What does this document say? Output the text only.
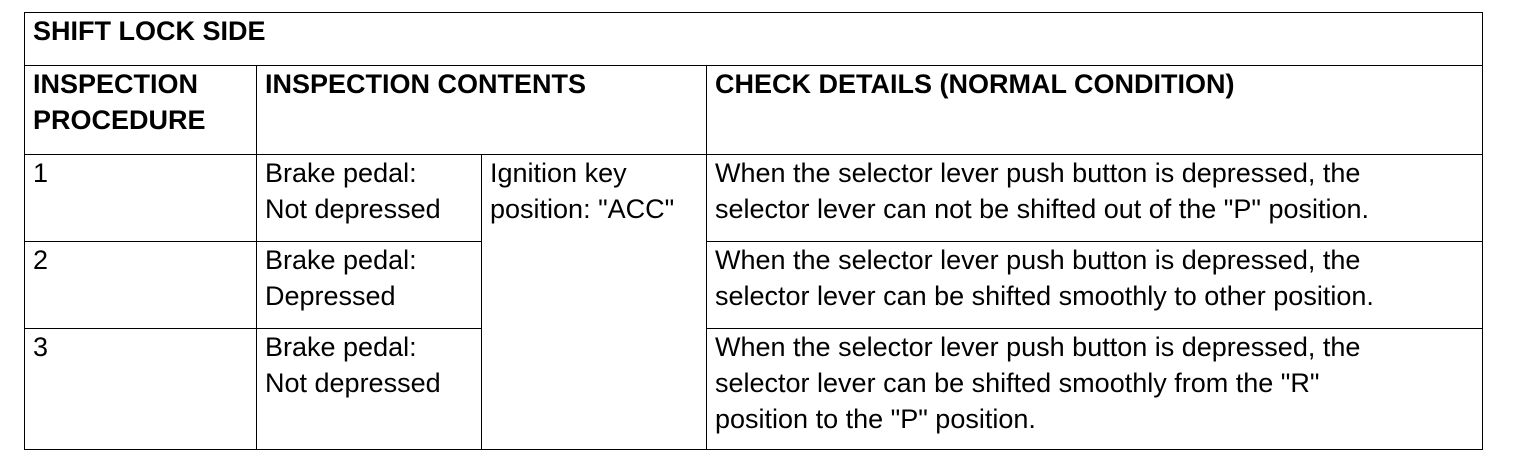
SHIFT LOCK SIDE			

INSPECTION
PROCEDURE	INSPECTION CONTENTS		CHECK DETAILS (NORMAL CONDITION)
1	Brake pedal:
Not depressed	Ignition key
position: "ACC"	When the selector lever push button is depressed, the
selector lever can not be shifted out of the "P" position.

2	Brake pedal:
Depressed		When the selector lever push button is depressed, the
selector lever can be shifted smoothly to other position.

3	Brake pedal:
Not depressed		When the selector lever push button is depressed, the
selector lever can be shifted smoothly from the "R"
position to the "P" position.
